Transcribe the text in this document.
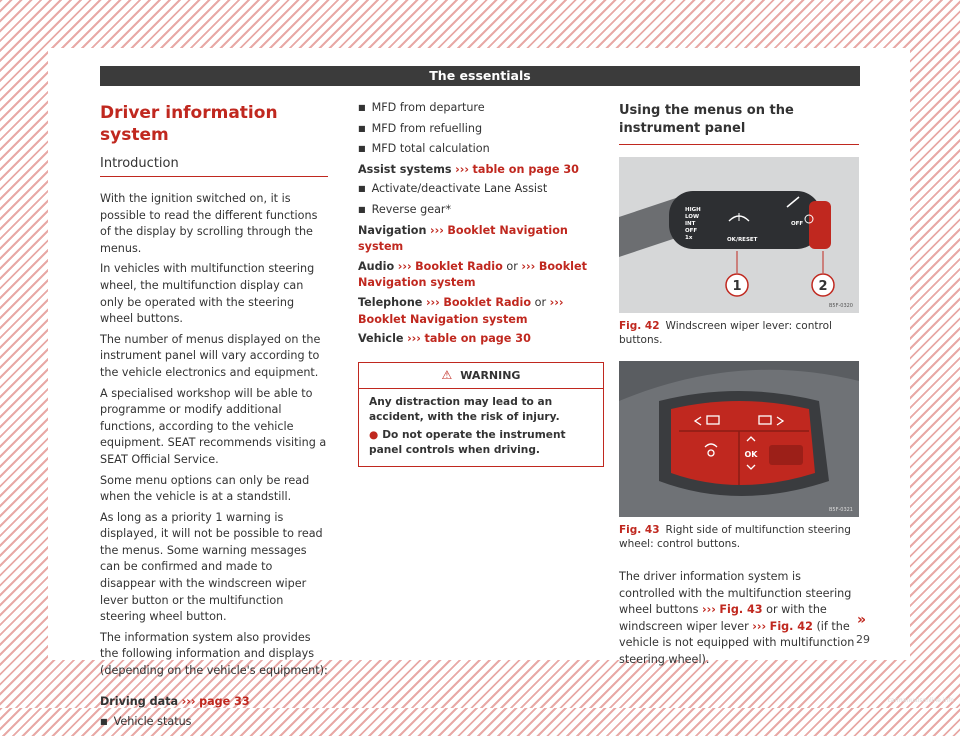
The essentials
Driver information system
Introduction

With the ignition switched on, it is possible to read the different functions of the display by scrolling through the menus.

In vehicles with multifunction steering wheel, the multifunction display can only be operated with the steering wheel buttons.

The number of menus displayed on the instrument panel will vary according to the vehicle electronics and equipment.

A specialised workshop will be able to programme or modify additional functions, according to the vehicle equipment. SEAT recommends visiting a SEAT Official Service.

Some menu options can only be read when the vehicle is at a standstill.

As long as a priority 1 warning is displayed, it will not be possible to read the menus. Some warning messages can be confirmed and made to disappear with the windscreen wiper lever button or the multifunction steering wheel button.

The information system also provides the following information and displays (depending on the vehicle's equipment):

Driving data ››› page 33

■ Vehicle status

■ MFD from departure

■ MFD from refuelling

■ MFD total calculation

Assist systems ››› table on page 30

■ Activate/deactivate Lane Assist

■ Reverse gear*

Navigation ››› Booklet Navigation system

Audio ››› Booklet Radio or ››› Booklet Navigation system

Telephone ››› Booklet Radio or ››› Booklet Navigation system

Vehicle ››› table on page 30

⚠ WARNING
Any distraction may lead to an accident, with the risk of injury.
● Do not operate the instrument panel controls when driving.
Using the menus on the instrument panel
HIGH
LOW
INT
OFF
1x	OK/RESET
OFF
1	2
B5F-0320
Fig. 42 Windscreen wiper lever: control buttons.
OK
B5F-0321
Fig. 43 Right side of multifunction steering wheel: control buttons.

The driver information system is controlled with the multifunction steering wheel buttons ››› Fig. 43 or with the windscreen wiper lever ››› Fig. 42 (if the vehicle is not equipped with multifunction steering wheel).

»
29
carmanualsonline.info
